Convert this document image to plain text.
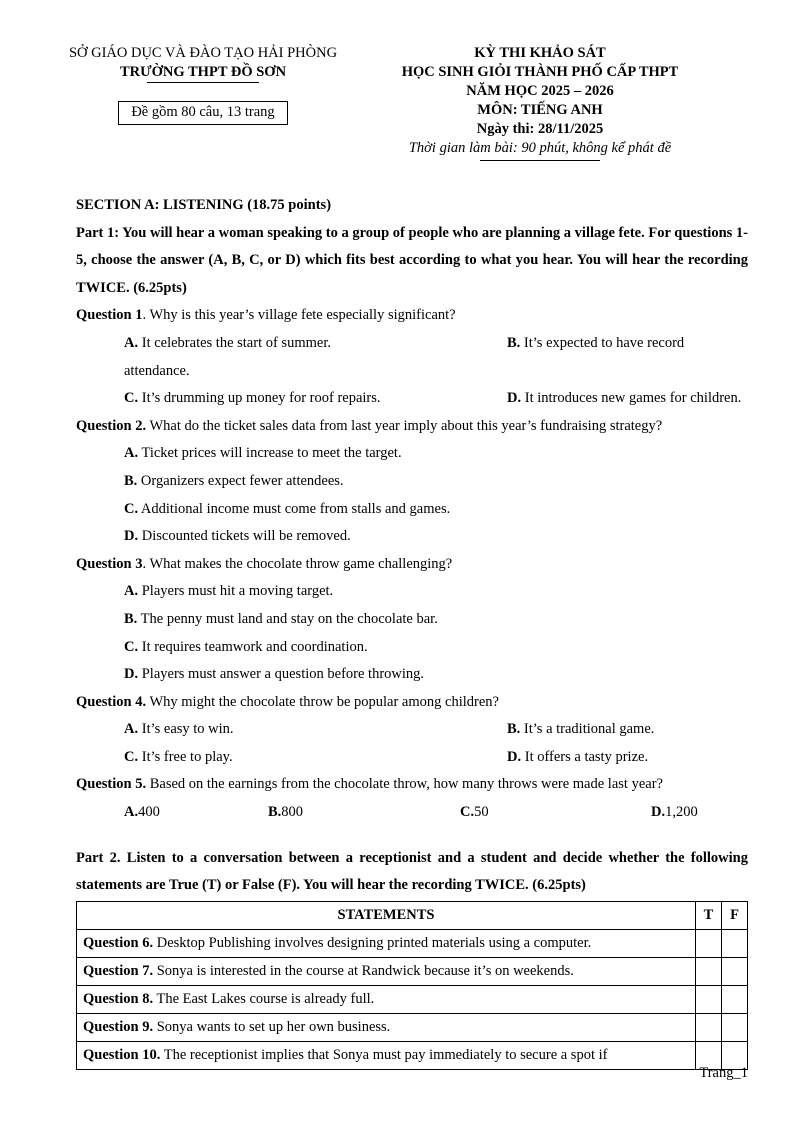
SỞ GIÁO DỤC VÀ ĐÀO TẠO HẢI PHÒNG
TRƯỜNG THPT ĐỒ SƠN
Đề gồm 80 câu, 13 trang
KỲ THI KHẢO SÁT
HỌC SINH GIỎI THÀNH PHỐ CẤP THPT
NĂM HỌC 2025 – 2026
MÔN: TIẾNG ANH
Ngày thi: 28/11/2025
Thời gian làm bài: 90 phút, không kể phát đề

SECTION A: LISTENING (18.75 points)

Part 1: You will hear a woman speaking to a group of people who are planning a village fete. For questions 1-5, choose the answer (A, B, C, or D) which fits best according to what you hear. You will hear the recording TWICE. (6.25pts)

Question 1. Why is this year’s village fete especially significant?

A. It celebrates the start of summer.	B. It’s expected to have record attendance.
C. It’s drumming up money for roof repairs.	D. It introduces new games for children.

Question 2. What do the ticket sales data from last year imply about this year’s fundraising strategy?

A. Ticket prices will increase to meet the target.
B. Organizers expect fewer attendees.
C. Additional income must come from stalls and games.
D. Discounted tickets will be removed.

Question 3. What makes the chocolate throw game challenging?

A. Players must hit a moving target.
B. The penny must land and stay on the chocolate bar.
C. It requires teamwork and coordination.
D. Players must answer a question before throwing.

Question 4. Why might the chocolate throw be popular among children?

A. It’s easy to win.	B. It’s a traditional game.
C. It’s free to play.	D. It offers a tasty prize.

Question 5. Based on the earnings from the chocolate throw, how many throws were made last year?

A.400	B.800	C.50	D.1,200

Part 2. Listen to a conversation between a receptionist and a student and decide whether the following statements are True (T) or False (F). You will hear the recording TWICE. (6.25pts)

STATEMENTS	T	F
Question 6. Desktop Publishing involves designing printed materials using a computer.		
Question 7. Sonya is interested in the course at Randwick because it’s on weekends.		
Question 8. The East Lakes course is already full.		
Question 9. Sonya wants to set up her own business.		
Question 10. The receptionist implies that Sonya must pay immediately to secure a spot if		
Trang_1
